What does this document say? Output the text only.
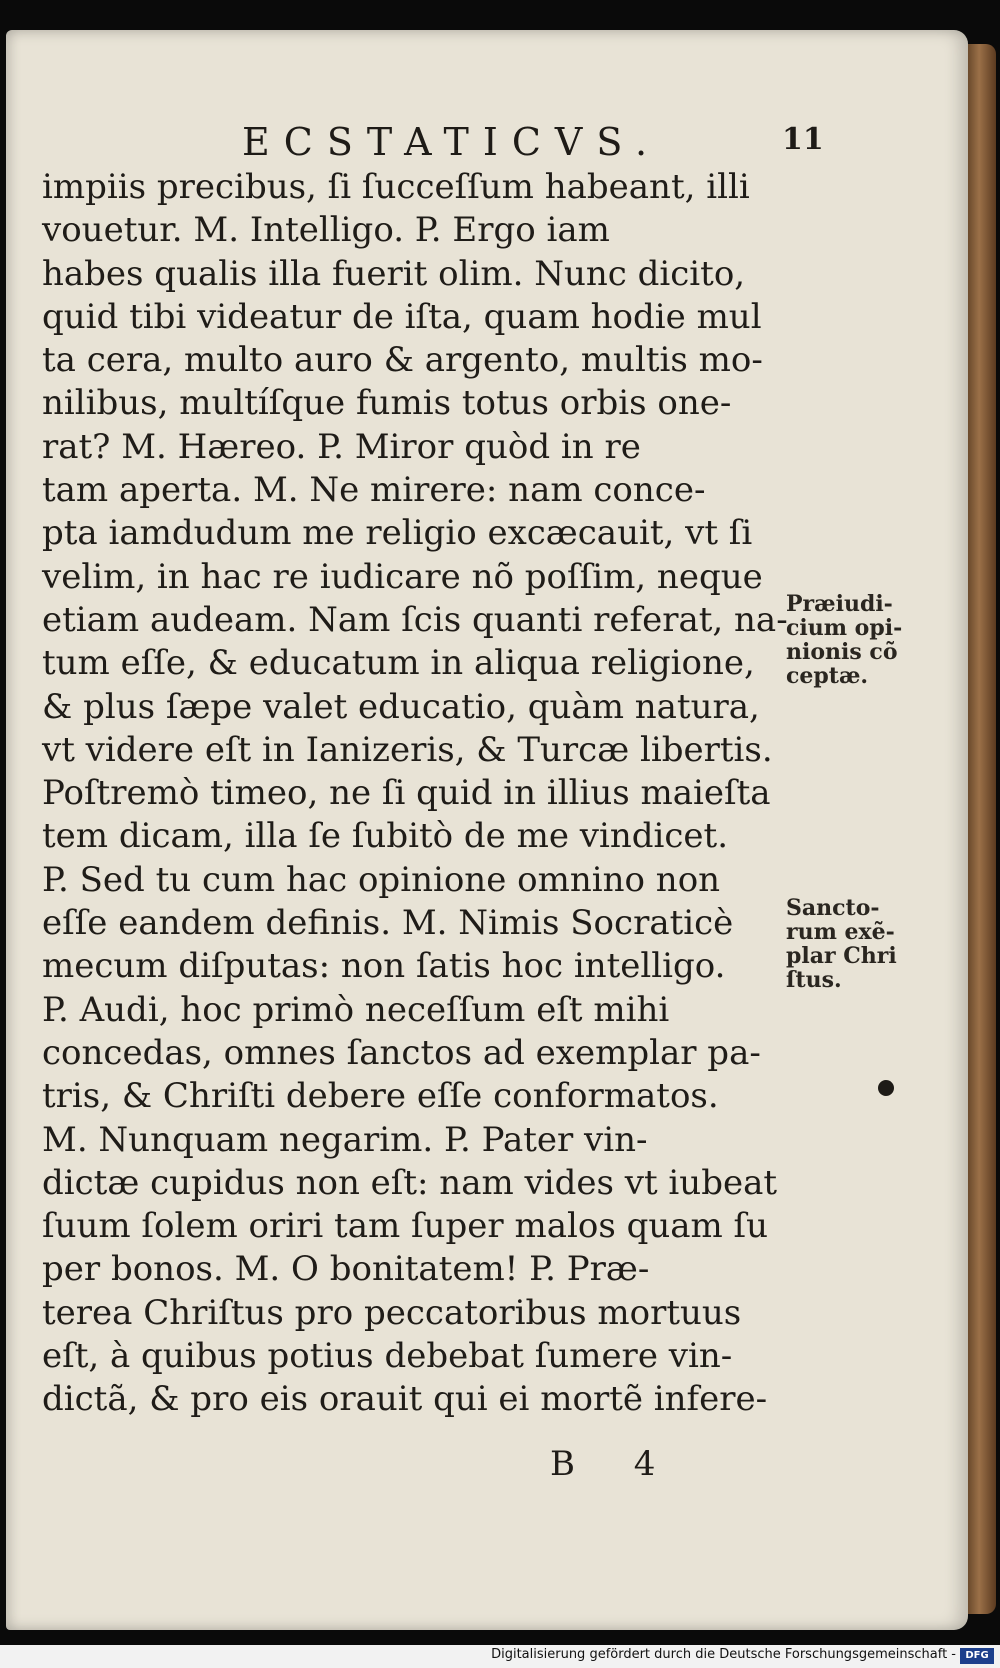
ECSTATICVS.	11
impiis precibus, ſi ſucceſſum habeant, illi
vouetur. M. Intelligo. P. Ergo iam
habes qualis illa fuerit olim. Nunc dicito,
quid tibi videatur de iſta, quam hodie mul
ta cera, multo auro & argento, multis mo-
nilibus, multíſque fumis totus orbis one-
rat? M. Hæreo. P. Miror quòd in re
tam aperta. M. Ne mirere: nam conce-
pta iamdudum me religio excæcauit, vt ſi
velim, in hac re iudicare nõ poſſim, neque
etiam audeam. Nam ſcis quanti referat, na-
tum eſſe, & educatum in aliqua religione,
& plus ſæpe valet educatio, quàm natura,
vt videre eſt in Ianizeris, & Turcæ libertis.
Poſtremò timeo, ne ſi quid in illius maieſta
tem dicam, illa ſe ſubitò de me vindicet.
P. Sed tu cum hac opinione omnino non
eſſe eandem definis. M. Nimis Socraticè
mecum diſputas: non ſatis hoc intelligo.
P. Audi, hoc primò neceſſum eſt mihi
concedas, omnes ſanctos ad exemplar pa-
tris, & Chriſti debere eſſe conformatos.
M. Nunquam negarim. P. Pater vin-
dictæ cupidus non eſt: nam vides vt iubeat
ſuum ſolem oriri tam ſuper malos quam ſu
per bonos. M. O bonitatem! P. Præ-
terea Chriſtus pro peccatoribus mortuus
eſt, à quibus potius debebat ſumere vin-
dictã, & pro eis orauit qui ei mortẽ infere-
Præiudi-
cium opi-
nionis cõ
ceptæ.
Sancto-
rum exẽ-
plar Chri
ſtus.
B 4
Digitalisierung gefördert durch die Deutsche Forschungsgemeinschaft - DFG
